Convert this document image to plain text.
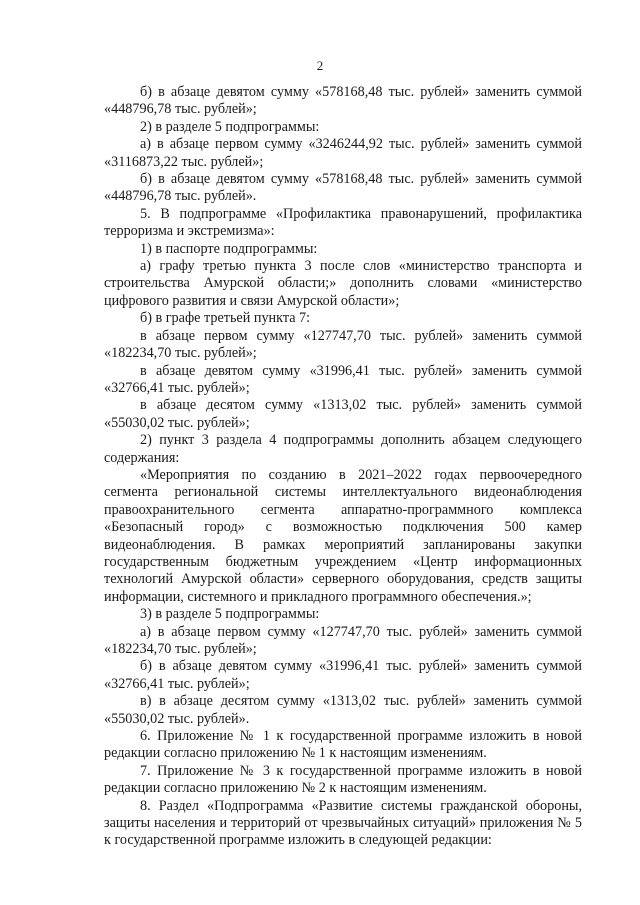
2

б) в абзаце девятом сумму «578168,48 тыс. рублей» заменить суммой «448796,78 тыс. рублей»;

2) в разделе 5 подпрограммы:

а) в абзаце первом сумму «3246244,92 тыс. рублей» заменить суммой «3116873,22 тыс. рублей»;

б) в абзаце девятом сумму «578168,48 тыс. рублей» заменить суммой «448796,78 тыс. рублей».

5. В подпрограмме «Профилактика правонарушений, профилактика терроризма и экстремизма»:

1) в паспорте подпрограммы:

а) графу третью пункта 3 после слов «министерство транспорта и строительства Амурской области;» дополнить словами «министерство цифрового развития и связи Амурской области»;

б) в графе третьей пункта 7:

в абзаце первом сумму «127747,70 тыс. рублей» заменить суммой «182234,70 тыс. рублей»;

в абзаце девятом сумму «31996,41 тыс. рублей» заменить суммой «32766,41 тыс. рублей»;

в абзаце десятом сумму «1313,02 тыс. рублей» заменить суммой «55030,02 тыс. рублей»;

2) пункт 3 раздела 4 подпрограммы дополнить абзацем следующего содержания:

«Мероприятия по созданию в 2021–2022 годах первоочередного сегмента региональной системы интеллектуального видеонаблюдения правоохранительного сегмента аппаратно-программного комплекса «Безопасный город» с возможностью подключения 500 камер видеонаблюдения. В рамках мероприятий запланированы закупки государственным бюджетным учреждением «Центр информационных технологий Амурской области» серверного оборудования, средств защиты информации, системного и прикладного программного обеспечения.»;

3) в разделе 5 подпрограммы:

а) в абзаце первом сумму «127747,70 тыс. рублей» заменить суммой «182234,70 тыс. рублей»;

б) в абзаце девятом сумму «31996,41 тыс. рублей» заменить суммой «32766,41 тыс. рублей»;

в) в абзаце десятом сумму «1313,02 тыс. рублей» заменить суммой «55030,02 тыс. рублей».

6. Приложение № 1 к государственной программе изложить в новой редакции согласно приложению № 1 к настоящим изменениям.

7. Приложение № 3 к государственной программе изложить в новой редакции согласно приложению № 2 к настоящим изменениям.

8. Раздел «Подпрограмма «Развитие системы гражданской обороны, защиты населения и территорий от чрезвычайных ситуаций» приложения № 5 к государственной программе изложить в следующей редакции:
